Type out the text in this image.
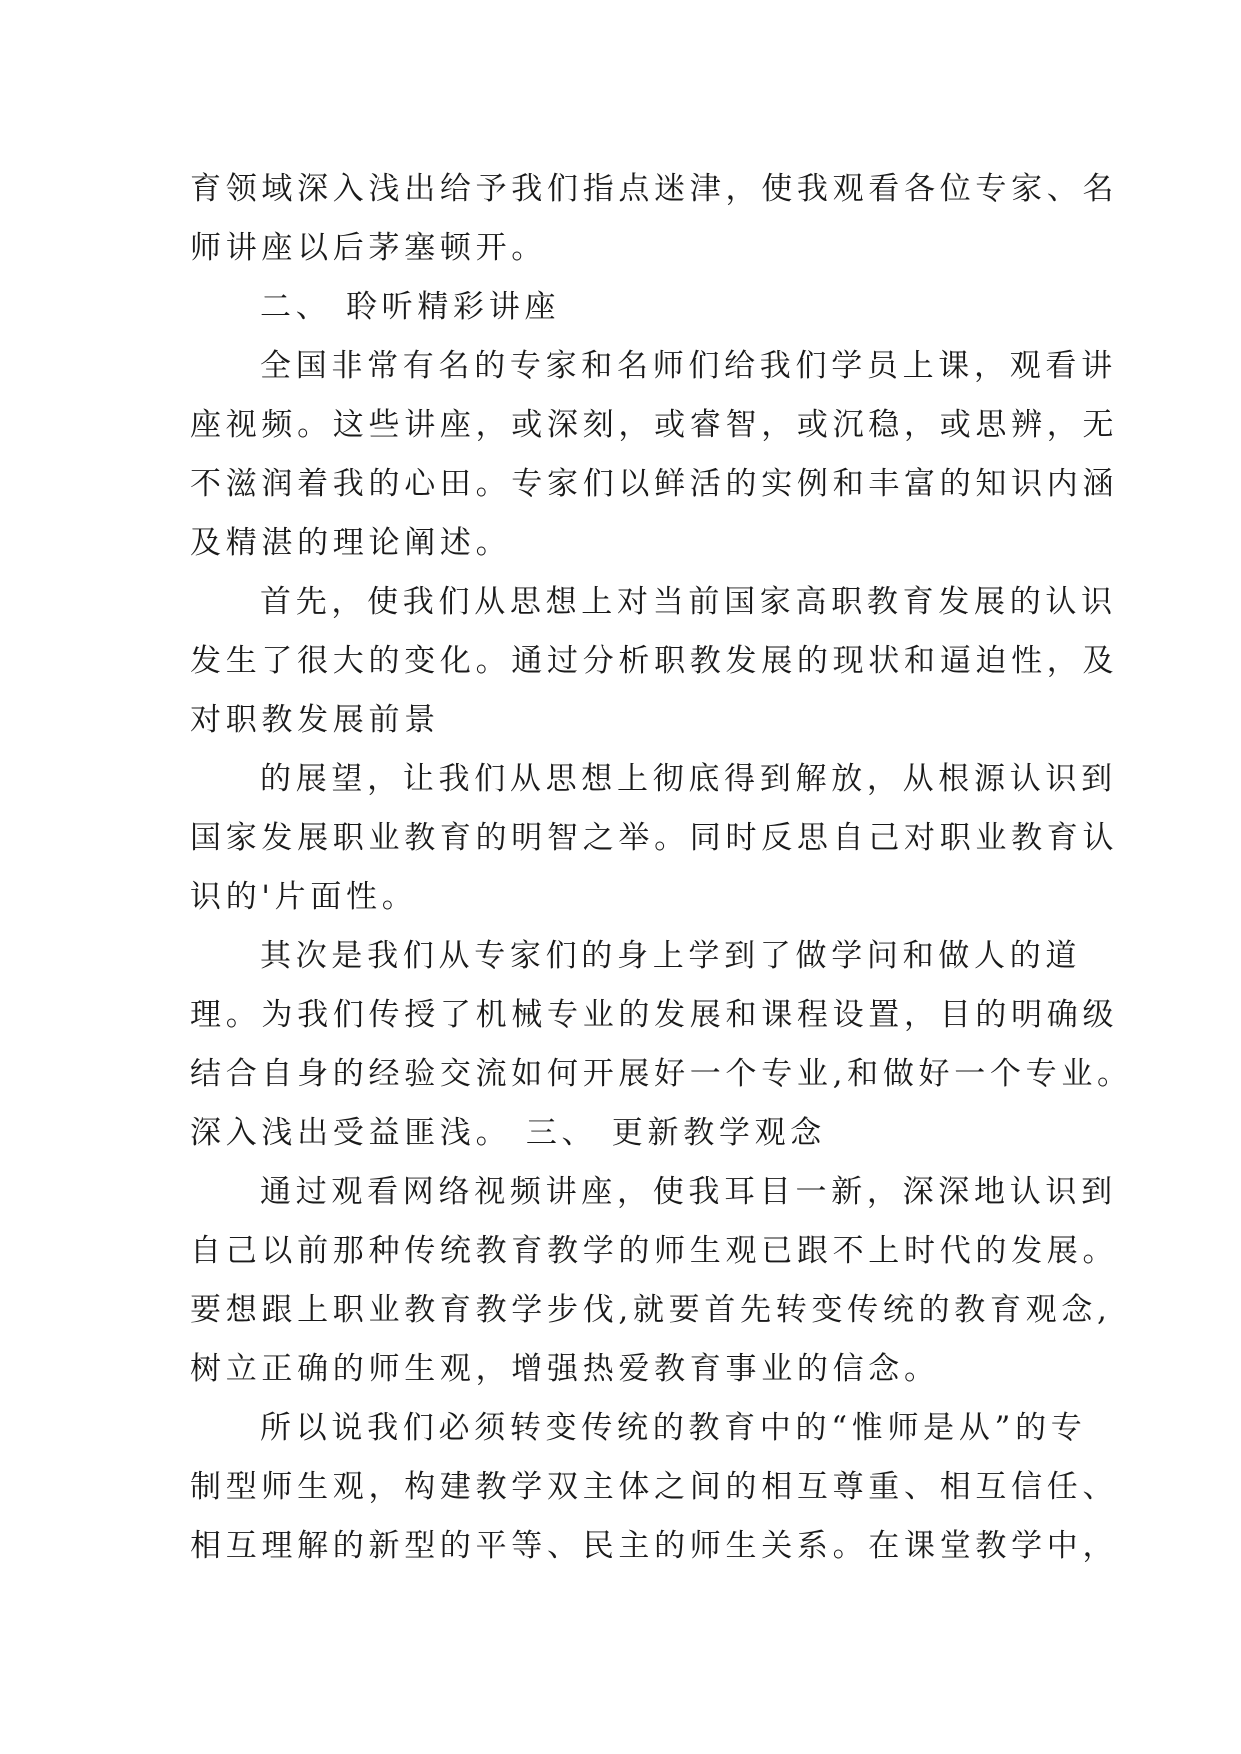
育领域深入浅出给予我们指点迷津，使我观看各位专家、名
师讲座以后茅塞顿开。
二、 聆听精彩讲座
全国非常有名的专家和名师们给我们学员上课，观看讲
座视频。这些讲座，或深刻，或睿智，或沉稳，或思辨，无
不滋润着我的心田。专家们以鲜活的实例和丰富的知识内涵
及精湛的理论阐述。
首先，使我们从思想上对当前国家高职教育发展的认识
发生了很大的变化。通过分析职教发展的现状和逼迫性，及
对职教发展前景
的展望，让我们从思想上彻底得到解放，从根源认识到
国家发展职业教育的明智之举。同时反思自己对职业教育认
识的'片面性。
其次是我们从专家们的身上学到了做学问和做人的道
理。为我们传授了机械专业的发展和课程设置，目的明确级
结合自身的经验交流如何开展好一个专业,和做好一个专业。
深入浅出受益匪浅。 三、 更新教学观念
通过观看网络视频讲座，使我耳目一新，深深地认识到
自己以前那种传统教育教学的师生观已跟不上时代的发展。
要想跟上职业教育教学步伐,就要首先转变传统的教育观念,
树立正确的师生观，增强热爱教育事业的信念。
所以说我们必须转变传统的教育中的“惟师是从”的专
制型师生观，构建教学双主体之间的相互尊重、相互信任、
相互理解的新型的平等、民主的师生关系。在课堂教学中，
